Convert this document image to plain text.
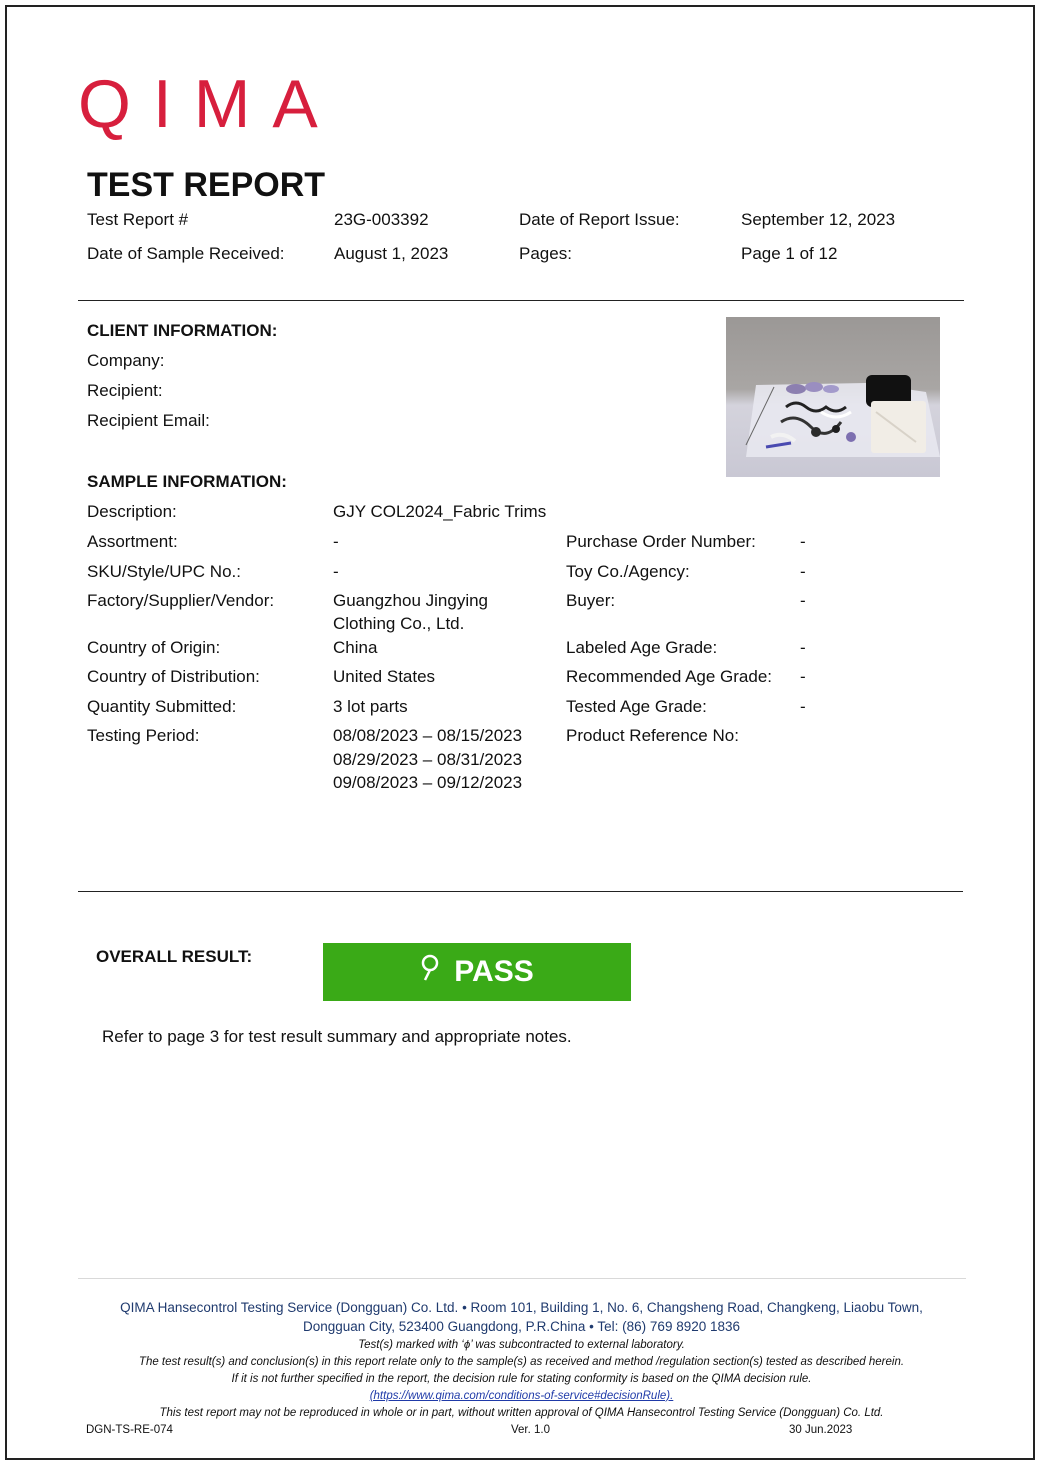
QIMA
TEST REPORT
Test Report #	23G-003392	Date of Report Issue:	September 12, 2023
Date of Sample Received:	August 1, 2023	Pages:	Page 1 of 12
CLIENT INFORMATION:
Company:
Recipient:
Recipient Email:
SAMPLE INFORMATION:
Description:	GJY COL2024_Fabric Trims
Assortment:	-	Purchase Order Number:	-
SKU/Style/UPC No.:	-	Toy Co./Agency:	-
Factory/Supplier/Vendor:	Guangzhou Jingying
Clothing Co., Ltd.
Buyer:	-
Country of Origin:	China	Labeled Age Grade:	-
Country of Distribution:	United States	Recommended Age Grade: -
Quantity Submitted:	3 lot parts	Tested Age Grade:	-
Testing Period:	08/08/2023 – 08/15/2023
08/29/2023 – 08/31/2023
09/08/2023 – 09/12/2023
Product Reference No:
OVERALL RESULT:	PASS
Refer to page 3 for test result summary and appropriate notes.
QIMA Hansecontrol Testing Service (Dongguan) Co. Ltd. • Room 101, Building 1, No. 6, Changsheng Road, Changkeng, Liaobu Town,
Dongguan City, 523400 Guangdong, P.R.China • Tel: (86) 769 8920 1836
Test(s) marked with ‘ϕ’ was subcontracted to external laboratory.
The test result(s) and conclusion(s) in this report relate only to the sample(s) as received and method /regulation section(s) tested as described herein.
If it is not further specified in the report, the decision rule for stating conformity is based on the QIMA decision rule.
(https://www.qima.com/conditions-of-service#decisionRule).
This test report may not be reproduced in whole or in part, without written approval of QIMA Hansecontrol Testing Service (Dongguan) Co. Ltd.
DGN-TS-RE-074	Ver. 1.0	30 Jun.2023
